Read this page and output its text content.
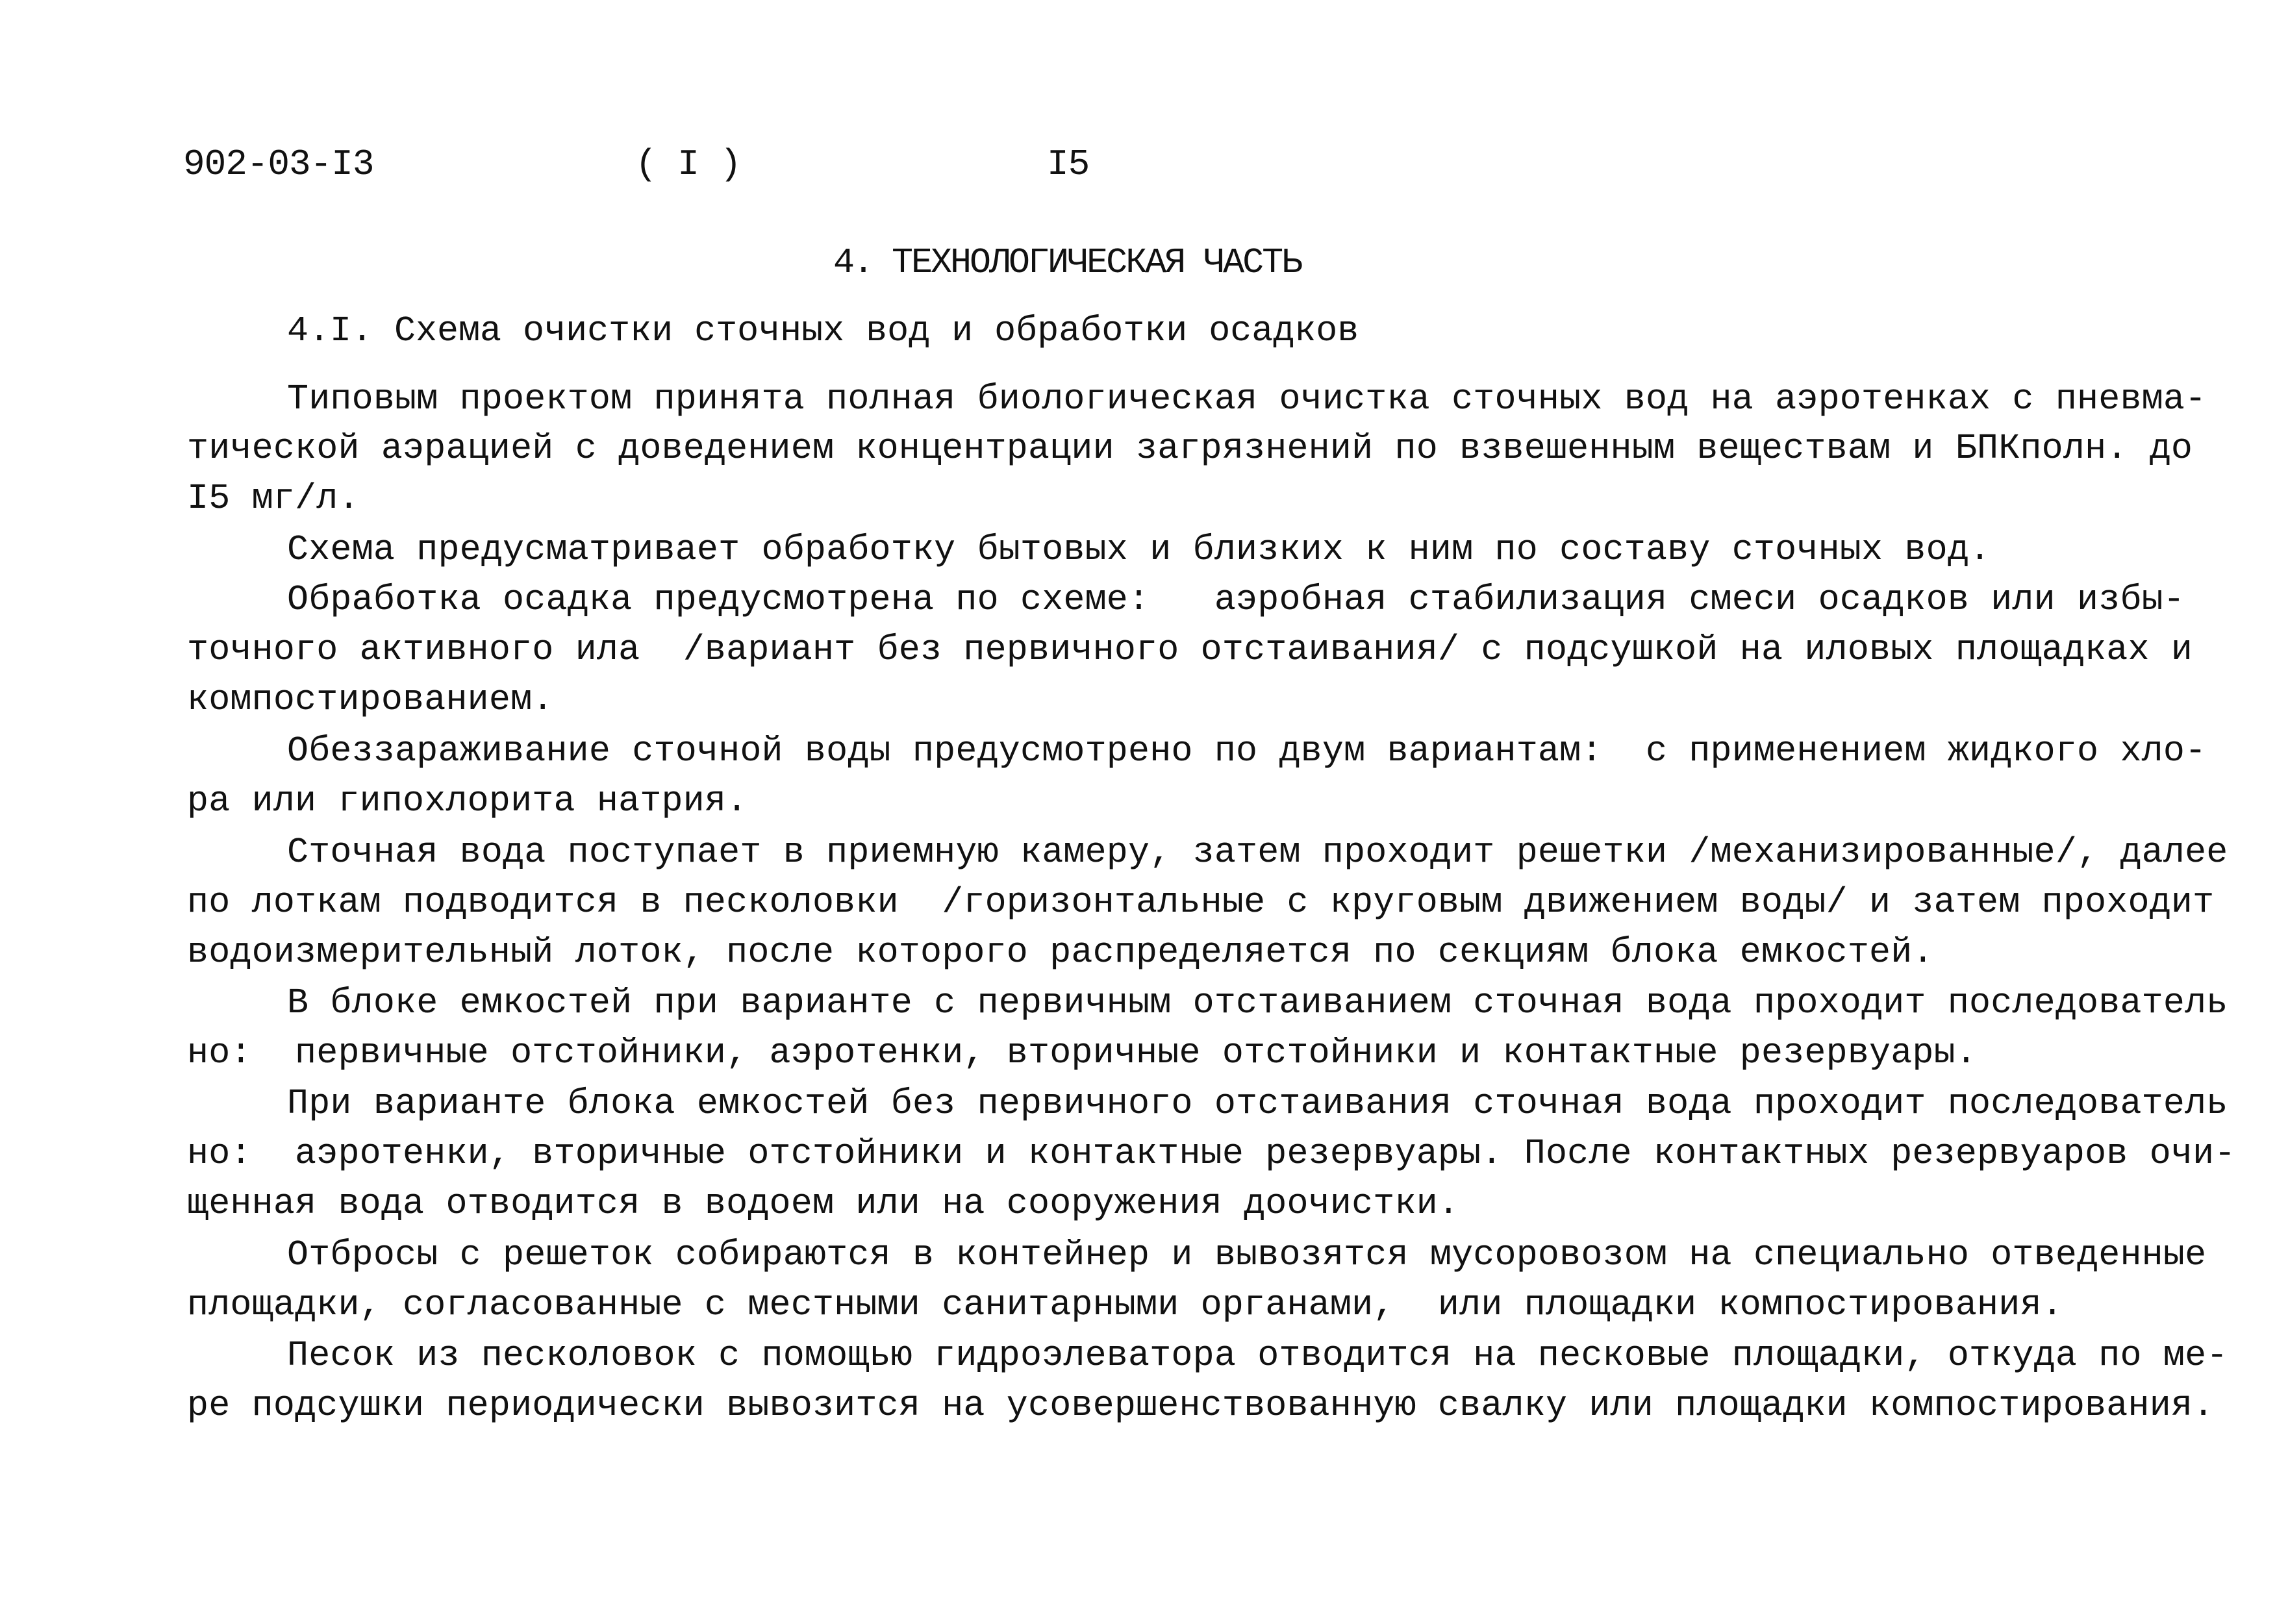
902-03-I3	( I )	I5
4. ТЕХНОЛОГИЧЕСКАЯ ЧАСТЬ
4.I. Схема очистки сточных вод и обработки осадков
Типовым проектом принята полная биологическая очистка сточных вод на аэротенках с пневма-
тической аэрацией с доведением концентрации загрязнений по взвешенным веществам и БПКполн. до
I5 мг/л.
Схема предусматривает обработку бытовых и близких к ним по составу сточных вод.
Обработка осадка предусмотрена по схеме:   аэробная стабилизация смеси осадков или избы-
точного активного ила  /вариант без первичного отстаивания/ с подсушкой на иловых площадках и
компостированием.
Обеззараживание сточной воды предусмотрено по двум вариантам:  с применением жидкого хло-
ра или гипохлорита натрия.
Сточная вода поступает в приемную камеру, затем проходит решетки /механизированные/, далее
по лоткам подводится в песколовки  /горизонтальные с круговым движением воды/ и затем проходит
водоизмерительный лоток, после которого распределяется по секциям блока емкостей.
В блоке емкостей при варианте с первичным отстаиванием сточная вода проходит последователь
но:  первичные отстойники, аэротенки, вторичные отстойники и контактные резервуары.
При варианте блока емкостей без первичного отстаивания сточная вода проходит последователь
но:  аэротенки, вторичные отстойники и контактные резервуары. После контактных резервуаров очи-
щенная вода отводится в водоем или на сооружения доочистки.
Отбросы с решеток собираются в контейнер и вывозятся мусоровозом на специально отведенные
площадки, согласованные с местными санитарными органами,  или площадки компостирования.
Песок из песколовок с помощью гидроэлеватора отводится на песковые площадки, откуда по ме-
ре подсушки периодически вывозится на усовершенствованную свалку или площадки компостирования.
